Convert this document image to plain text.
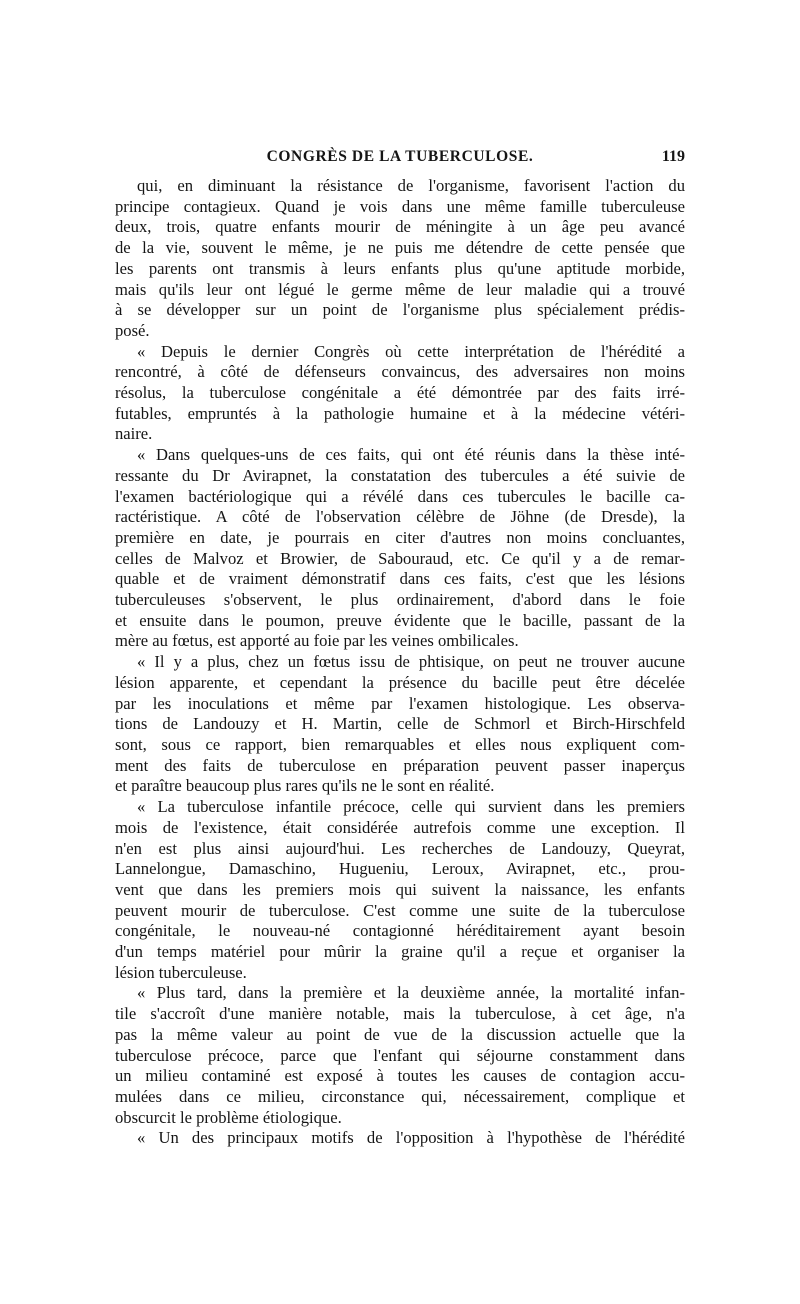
CONGRÈS DE LA TUBERCULOSE.	119
qui, en diminuant la résistance de l'organisme, favorisent l'action du
principe contagieux. Quand je vois dans une même famille tuberculeuse
deux, trois, quatre enfants mourir de méningite à un âge peu avancé
de la vie, souvent le même, je ne puis me détendre de cette pensée que
les parents ont transmis à leurs enfants plus qu'une aptitude morbide,
mais qu'ils leur ont légué le germe même de leur maladie qui a trouvé
à se développer sur un point de l'organisme plus spécialement prédis-
posé.
« Depuis le dernier Congrès où cette interprétation de l'hérédité a
rencontré, à côté de défenseurs convaincus, des adversaires non moins
résolus, la tuberculose congénitale a été démontrée par des faits irré-
futables, empruntés à la pathologie humaine et à la médecine vétéri-
naire.
« Dans quelques-uns de ces faits, qui ont été réunis dans la thèse inté-
ressante du Dr Avirapnet, la constatation des tubercules a été suivie de
l'examen bactériologique qui a révélé dans ces tubercules le bacille ca-
ractéristique. A côté de l'observation célèbre de Jöhne (de Dresde), la
première en date, je pourrais en citer d'autres non moins concluantes,
celles de Malvoz et Browier, de Sabouraud, etc. Ce qu'il y a de remar-
quable et de vraiment démonstratif dans ces faits, c'est que les lésions
tuberculeuses s'observent, le plus ordinairement, d'abord dans le foie
et ensuite dans le poumon, preuve évidente que le bacille, passant de la
mère au fœtus, est apporté au foie par les veines ombilicales.
« Il y a plus, chez un fœtus issu de phtisique, on peut ne trouver aucune
lésion apparente, et cependant la présence du bacille peut être décelée
par les inoculations et même par l'examen histologique. Les observa-
tions de Landouzy et H. Martin, celle de Schmorl et Birch-Hirschfeld
sont, sous ce rapport, bien remarquables et elles nous expliquent com-
ment des faits de tuberculose en préparation peuvent passer inaperçus
et paraître beaucoup plus rares qu'ils ne le sont en réalité.
« La tuberculose infantile précoce, celle qui survient dans les premiers
mois de l'existence, était considérée autrefois comme une exception. Il
n'en est plus ainsi aujourd'hui. Les recherches de Landouzy, Queyrat,
Lannelongue, Damaschino, Hugueniu, Leroux, Avirapnet, etc., prou-
vent que dans les premiers mois qui suivent la naissance, les enfants
peuvent mourir de tuberculose. C'est comme une suite de la tuberculose
congénitale, le nouveau-né contagionné héréditairement ayant besoin
d'un temps matériel pour mûrir la graine qu'il a reçue et organiser la
lésion tuberculeuse.
« Plus tard, dans la première et la deuxième année, la mortalité infan-
tile s'accroît d'une manière notable, mais la tuberculose, à cet âge, n'a
pas la même valeur au point de vue de la discussion actuelle que la
tuberculose précoce, parce que l'enfant qui séjourne constamment dans
un milieu contaminé est exposé à toutes les causes de contagion accu-
mulées dans ce milieu, circonstance qui, nécessairement, complique et
obscurcit le problème étiologique.
« Un des principaux motifs de l'opposition à l'hypothèse de l'hérédité
